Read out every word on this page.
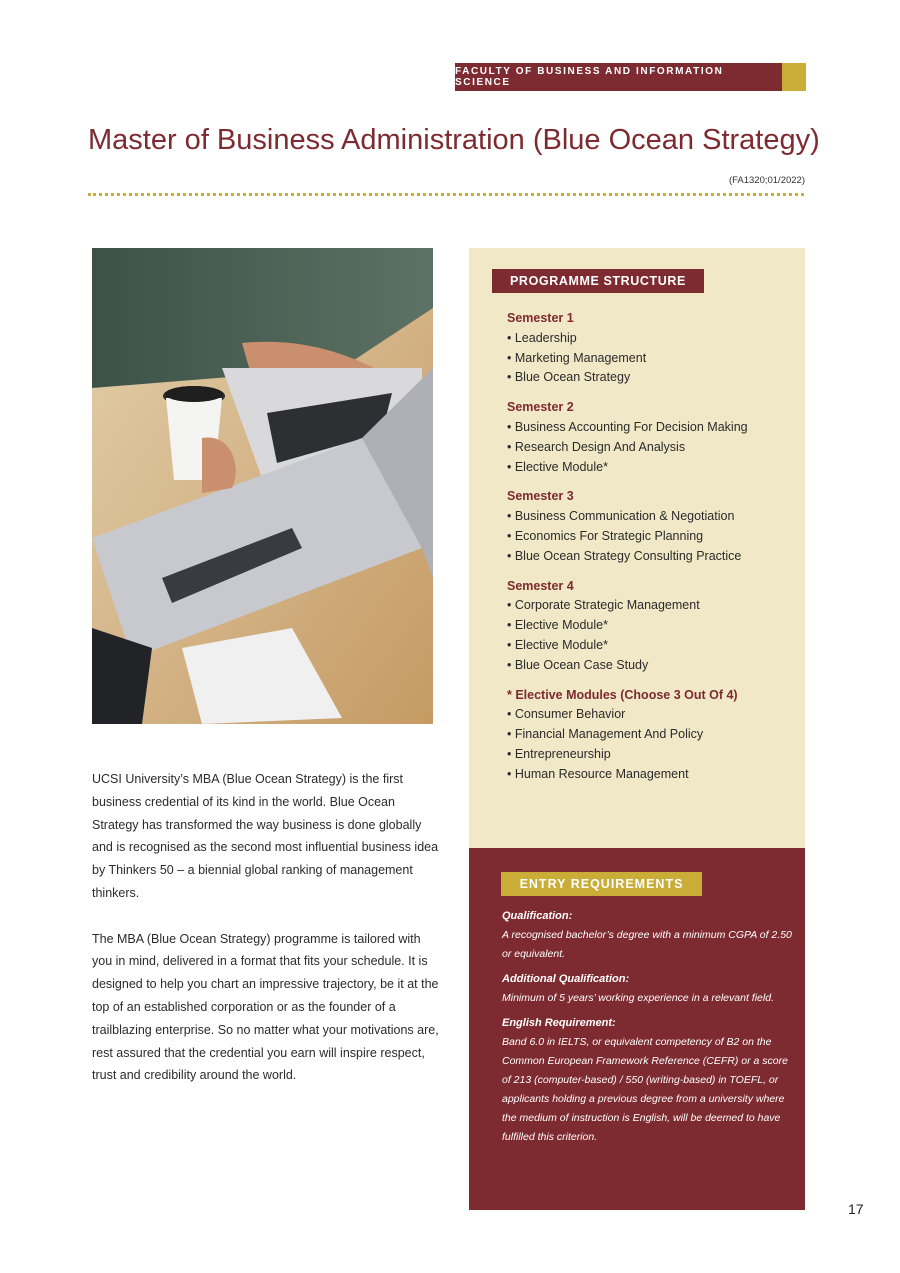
FACULTY OF BUSINESS AND INFORMATION SCIENCE
Master of Business Administration (Blue Ocean Strategy)
(FA1320;01/2022)

UCSI University’s MBA (Blue Ocean Strategy) is the first business credential of its kind in the world. Blue Ocean Strategy has transformed the way business is done globally and is recognised as the second most influential business idea by Thinkers 50 – a biennial global ranking of management thinkers.

The MBA (Blue Ocean Strategy) programme is tailored with you in mind, delivered in a format that fits your schedule. It is designed to help you chart an impressive trajectory, be it at the top of an established corporation or as the founder of a trailblazing enterprise. So no matter what your motivations are, rest assured that the credential you earn will inspire respect, trust and credibility around the world.

PROGRAMME STRUCTURE
Semester 1
• Leadership
• Marketing Management
• Blue Ocean Strategy
Semester 2
• Business Accounting For Decision Making
• Research Design And Analysis
• Elective Module*
Semester 3
• Business Communication & Negotiation
• Economics For Strategic Planning
• Blue Ocean Strategy Consulting Practice
Semester 4
• Corporate Strategic Management
• Elective Module*
• Elective Module*
• Blue Ocean Case Study
* Elective Modules (Choose 3 Out Of 4)
• Consumer Behavior
• Financial Management And Policy
• Entrepreneurship
• Human Resource Management
ENTRY REQUIREMENTS
Qualification:
A recognised bachelor’s degree with a minimum CGPA of 2.50 or equivalent.
Additional Qualification:
Minimum of 5 years’ working experience in a relevant field.
English Requirement:
Band 6.0 in IELTS, or equivalent competency of B2 on the Common European Framework Reference (CEFR) or a score of 213 (computer-based) / 550 (writing-based) in TOEFL, or applicants holding a previous degree from a university where the medium of instruction is English, will be deemed to have fulfilled this criterion.
17
